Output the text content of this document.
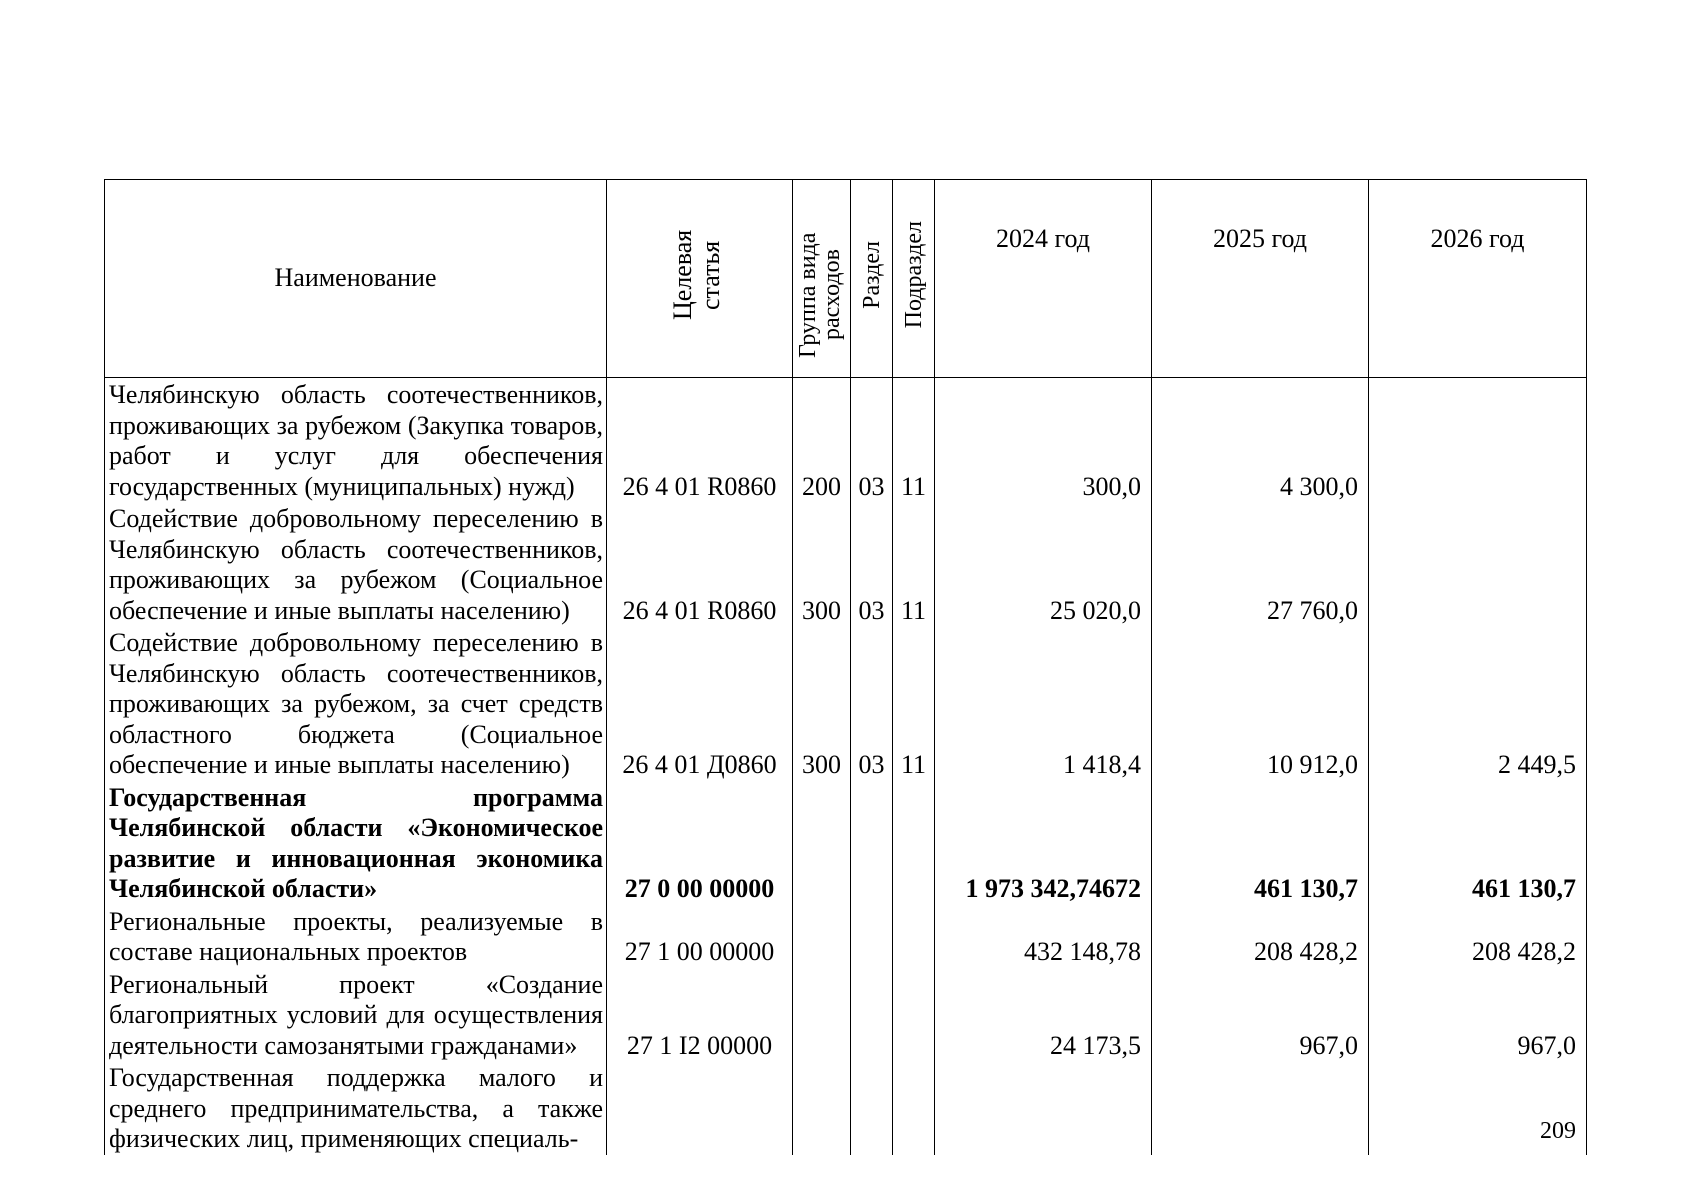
Наименование	Целевая статья	Группа вида расходов	Раздел	Подраздел	2024 год	2025 год	2026 год
Челябинскую область соотечественников, проживающих за рубежом (Закупка товаров, работ и услуг для обеспечения государственных (муниципальных) нужд)	26 4 01 R0860	200	03	11	300,0	4 300,0	
Содействие добровольному переселению в Челябинскую область соотечественников, проживающих за рубежом (Социальное обеспечение и иные выплаты населению)	26 4 01 R0860	300	03	11	25 020,0	27 760,0	
Содействие добровольному переселению в Челябинскую область соотечественников, проживающих за рубежом, за счет средств областного бюджета (Социальное обеспечение и иные выплаты населению)	26 4 01 Д0860	300	03	11	1 418,4	10 912,0	2 449,5
Государственная программа Челябинской области «Экономическое развитие и инновационная экономика Челябинской области»	27 0 00 00000				1 973 342,74672	461 130,7	461 130,7
Региональные проекты, реализуемые в составе национальных проектов	27 1 00 00000				432 148,78	208 428,2	208 428,2
Региональный проект «Создание благоприятных условий для осуществления деятельности самозанятыми гражданами»	27 1 I2 00000				24 173,5	967,0	967,0
Государственная поддержка малого и среднего предпринимательства, а также физических лиц, применяющих специаль-								209
